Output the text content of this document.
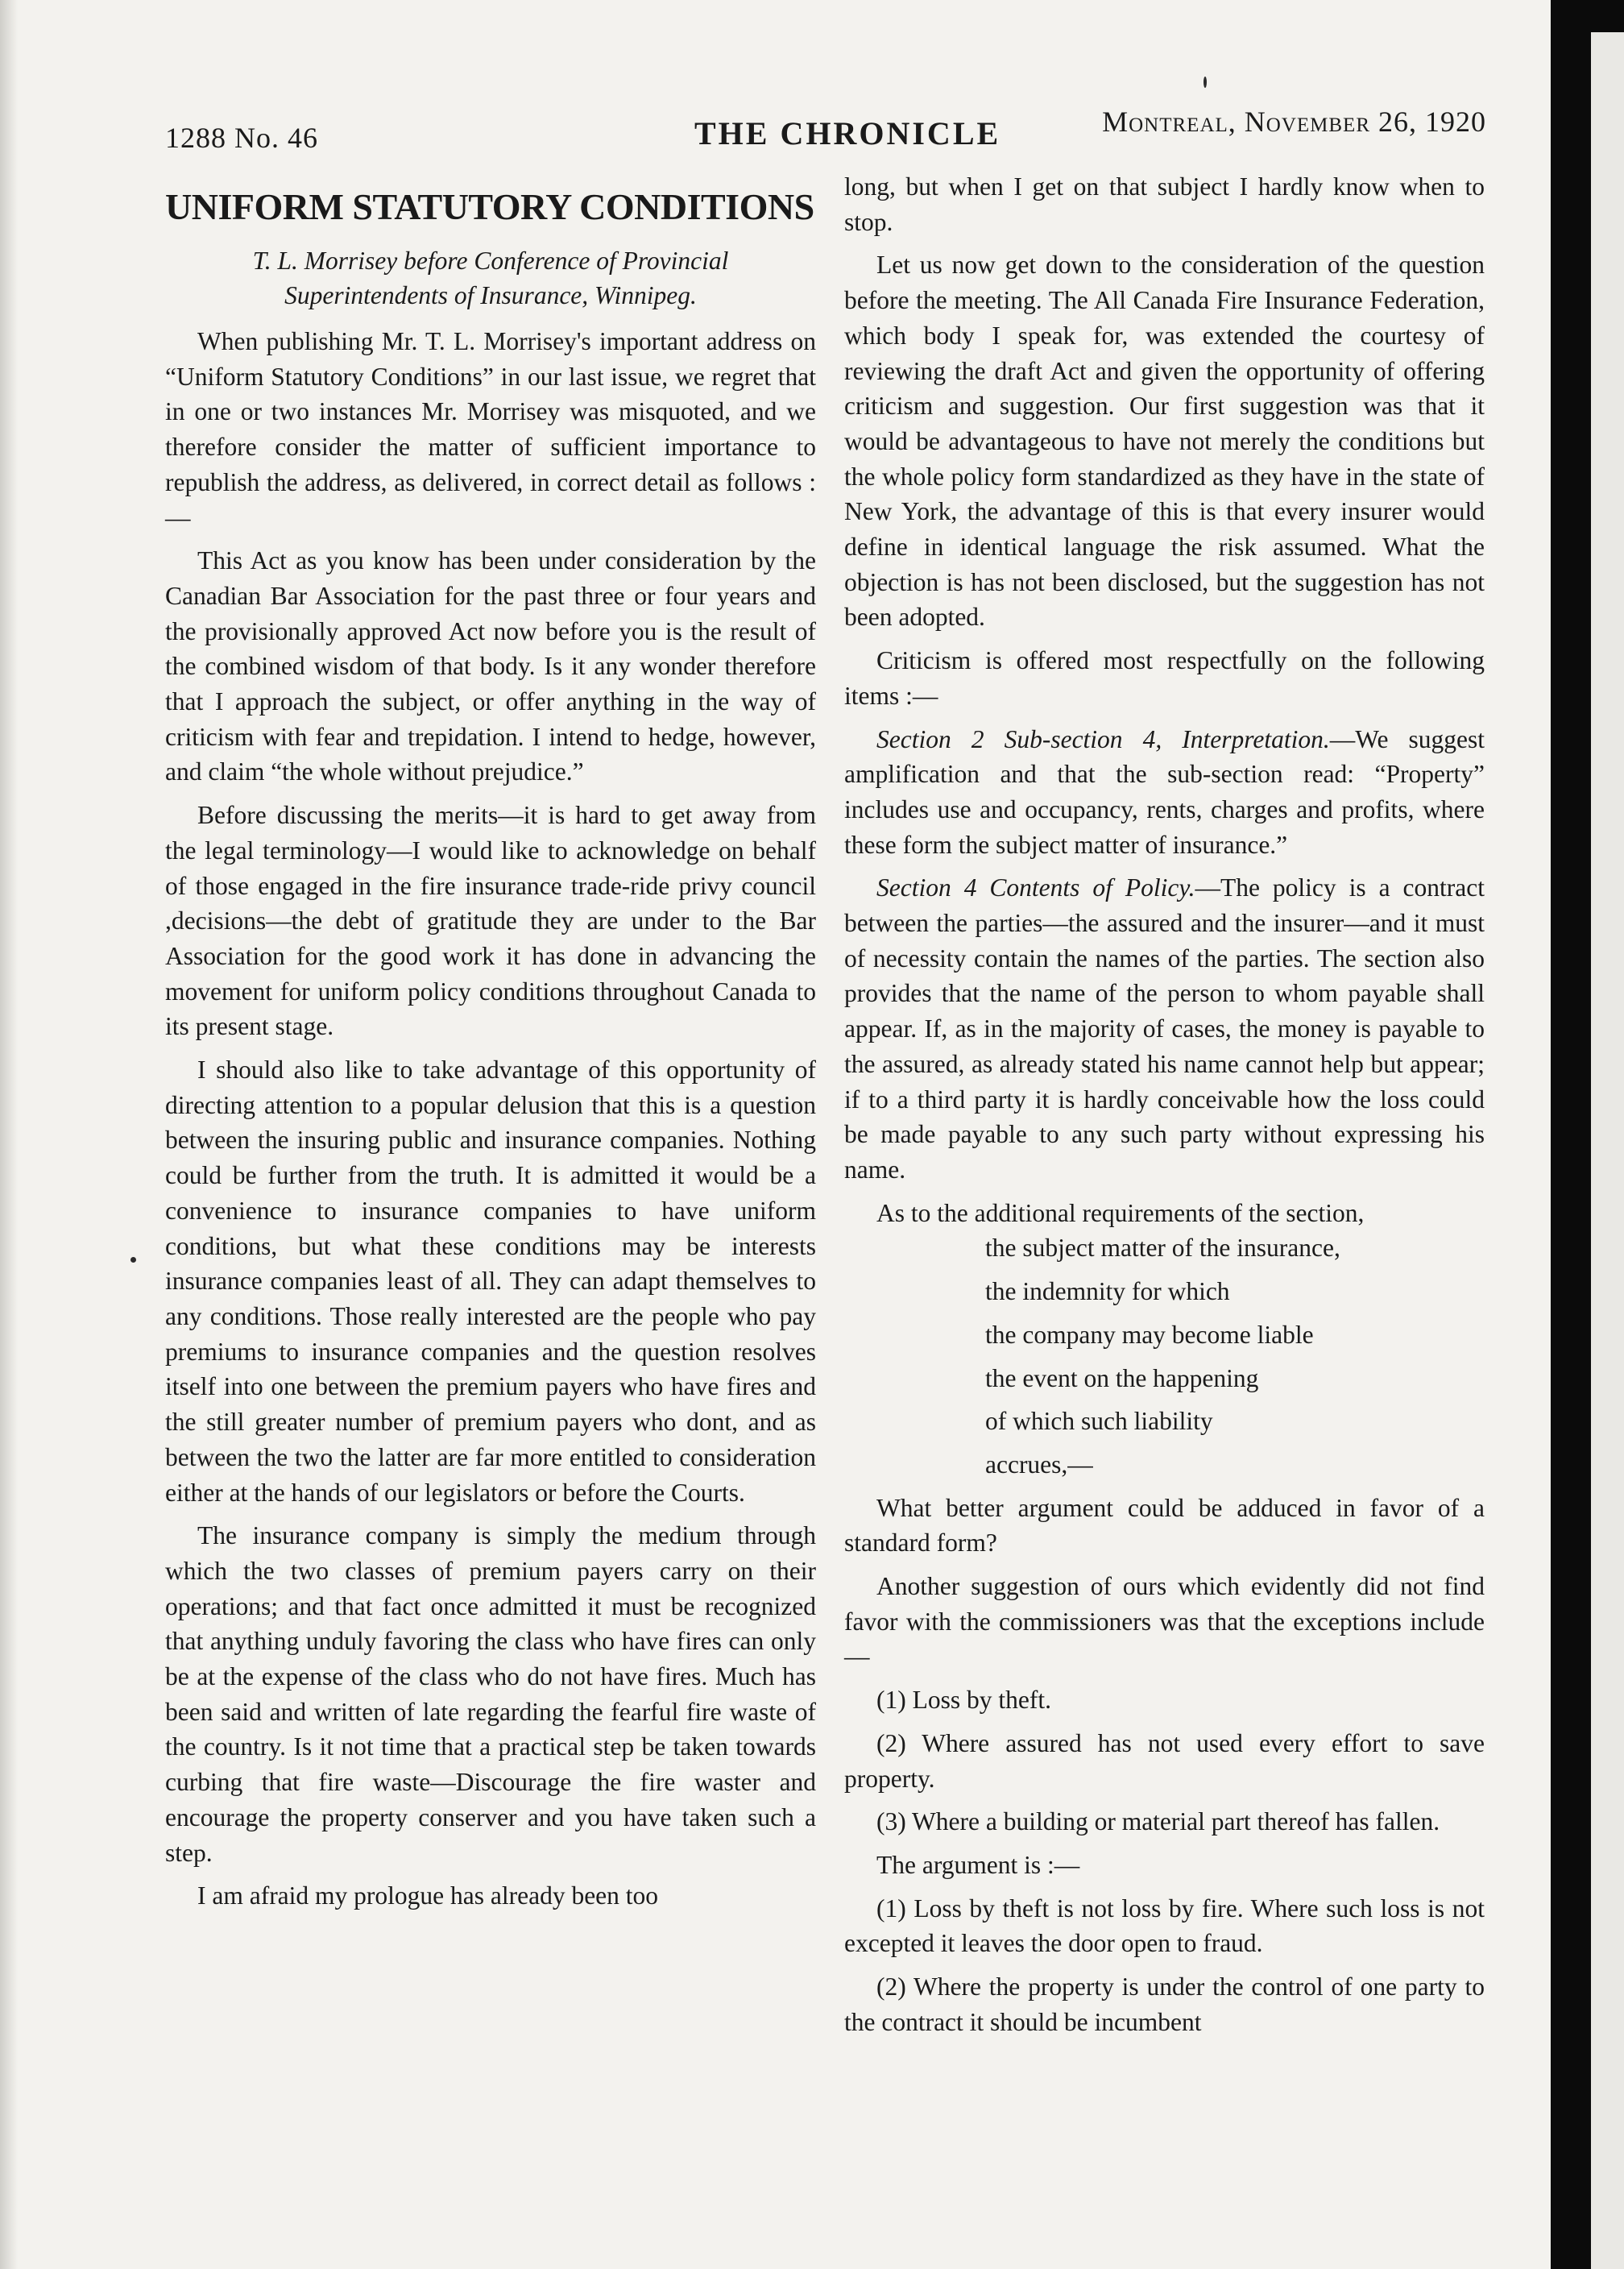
1288 No. 46	THE CHRONICLE	Montreal, November 26, 1920
UNIFORM STATUTORY CONDITIONS
T. L. Morrisey before Conference of Provincial
Superintendents of Insurance, Winnipeg.

When publishing Mr. T. L. Morrisey's important address on “Uniform Statutory Conditions” in our last issue, we regret that in one or two instances Mr. Morrisey was misquoted, and we therefore consider the matter of sufficient importance to republish the address, as delivered, in correct detail as follows :—

This Act as you know has been under consideration by the Canadian Bar Association for the past three or four years and the provisionally approved Act now before you is the result of the combined wisdom of that body. Is it any wonder therefore that I approach the subject, or offer anything in the way of criticism with fear and trepidation. I intend to hedge, however, and claim “the whole without prejudice.”

Before discussing the merits—it is hard to get away from the legal terminology—I would like to acknowledge on behalf of those engaged in the fire insurance trade-ride privy council ,decisions—the debt of gratitude they are under to the Bar Association for the good work it has done in advancing the movement for uniform policy conditions throughout Canada to its present stage.

I should also like to take advantage of this opportunity of directing attention to a popular delusion that this is a question between the insuring public and insurance companies. Nothing could be further from the truth. It is admitted it would be a convenience to insurance companies to have uniform conditions, but what these conditions may be interests insurance companies least of all. They can adapt themselves to any conditions. Those really interested are the people who pay premiums to insurance companies and the question resolves itself into one between the premium payers who have fires and the still greater number of premium payers who dont, and as between the two the latter are far more entitled to consideration either at the hands of our legislators or before the Courts.

The insurance company is simply the medium through which the two classes of premium payers carry on their operations; and that fact once admitted it must be recognized that anything unduly favoring the class who have fires can only be at the expense of the class who do not have fires. Much has been said and written of late regarding the fearful fire waste of the country. Is it not time that a practical step be taken towards curbing that fire waste—Discourage the fire waster and encourage the property conserver and you have taken such a step.

I am afraid my prologue has already been too

long, but when I get on that subject I hardly know when to stop.

Let us now get down to the consideration of the question before the meeting. The All Canada Fire Insurance Federation, which body I speak for, was extended the courtesy of reviewing the draft Act and given the opportunity of offering criticism and suggestion. Our first suggestion was that it would be advantageous to have not merely the conditions but the whole policy form standardized as they have in the state of New York, the advantage of this is that every insurer would define in identical language the risk assumed. What the objection is has not been disclosed, but the suggestion has not been adopted.

Criticism is offered most respectfully on the following items :—

Section 2 Sub-section 4, Interpretation.—We suggest amplification and that the sub-section read: “Property” includes use and occupancy, rents, charges and profits, where these form the subject matter of insurance.”

Section 4 Contents of Policy.—The policy is a contract between the parties—the assured and the insurer—and it must of necessity contain the names of the parties. The section also provides that the name of the person to whom payable shall appear. If, as in the majority of cases, the money is payable to the assured, as already stated his name cannot help but appear; if to a third party it is hardly conceivable how the loss could be made payable to any such party without expressing his name.

As to the additional requirements of the section,

the subject matter of the insurance,

the indemnity for which

the company may become liable

the event on the happening

of which such liability

accrues,—

What better argument could be adduced in favor of a standard form?

Another suggestion of ours which evidently did not find favor with the commissioners was that the exceptions include—

(1) Loss by theft.

(2) Where assured has not used every effort to save property.

(3) Where a building or material part thereof has fallen.

The argument is :—

(1) Loss by theft is not loss by fire. Where such loss is not excepted it leaves the door open to fraud.

(2) Where the property is under the control of one party to the contract it should be incumbent
